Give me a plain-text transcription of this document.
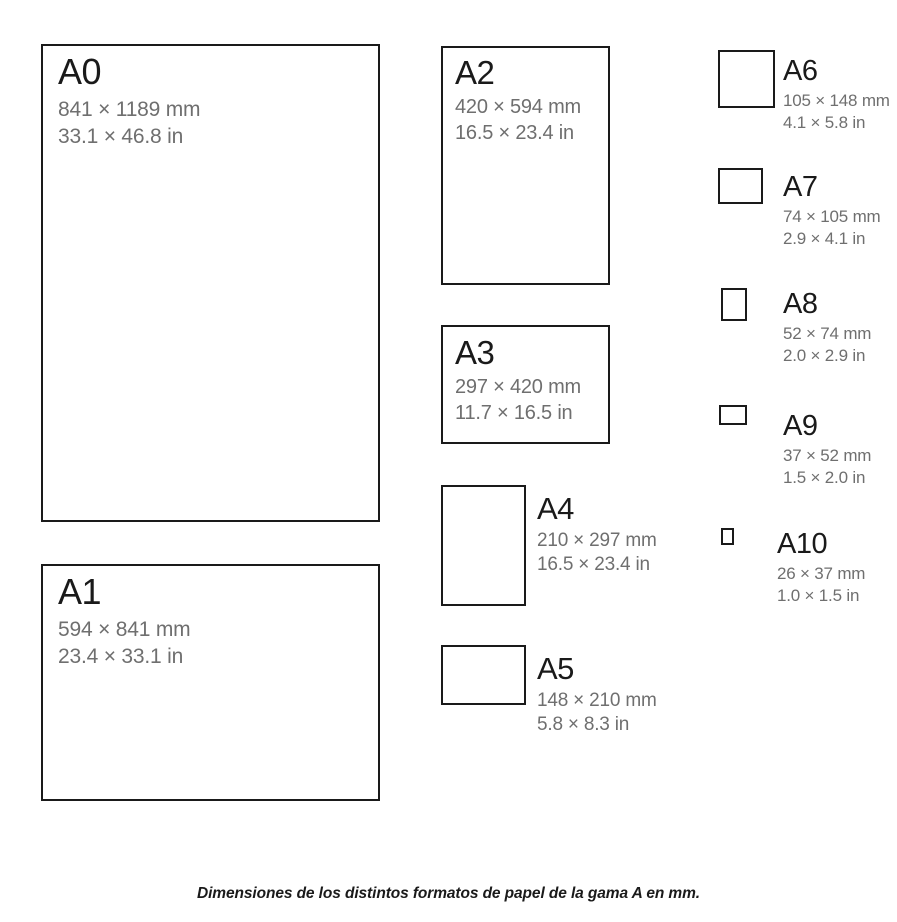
A0
841 × 1189 mm
33.1 × 46.8 in
A1
594 × 841 mm
23.4 × 33.1 in
A2
420 × 594 mm
16.5 × 23.4 in
A3
297 × 420 mm
11.7 × 16.5 in
A4
210 × 297 mm
16.5 × 23.4 in
A5
148 × 210 mm
5.8 × 8.3 in
A6
105 × 148 mm
4.1 × 5.8 in
A7
74 × 105 mm
2.9 × 4.1 in
A8
52 × 74 mm
2.0 × 2.9 in
A9
37 × 52 mm
1.5 × 2.0 in
A10
26 × 37 mm
1.0 × 1.5 in
Dimensiones de los distintos formatos de papel de la gama A en mm.
